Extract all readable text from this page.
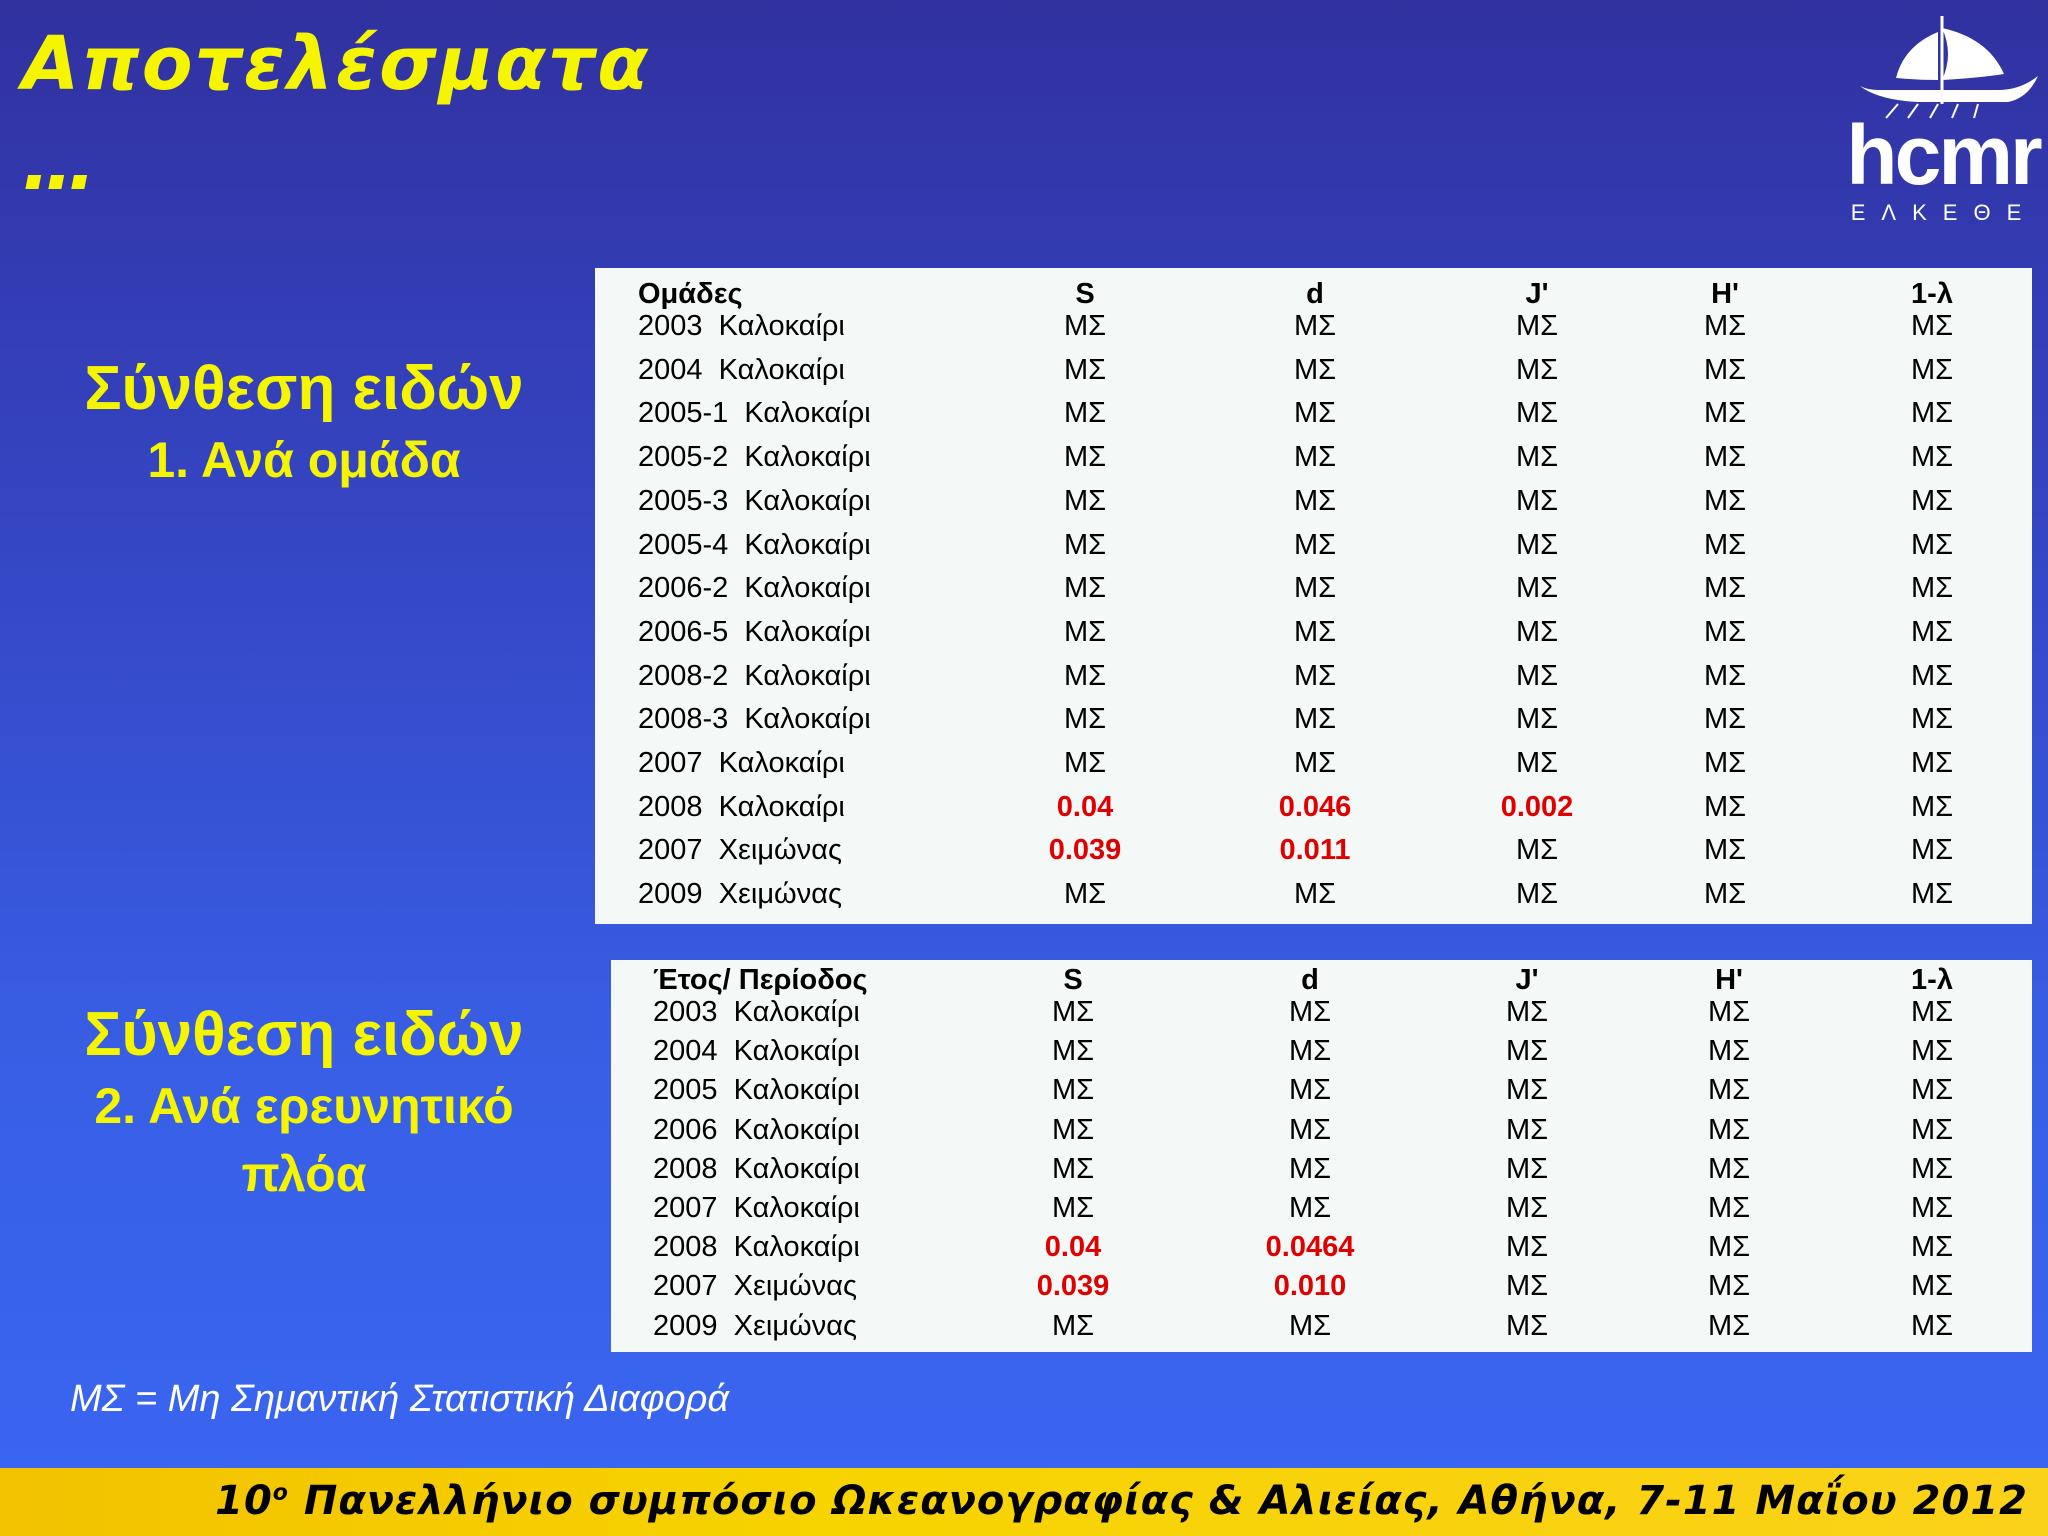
Αποτελέσματα
…	hcmr
ΕΛΚΕΘΕ
Σύνθεση ειδών
1. Ανά ομάδα
Σύνθεση ειδών
2. Ανά ερευνητικό
πλόα
Ομάδες	S	d	J'	H'	1-λ
2003  Καλοκαίρι	ΜΣ	ΜΣ	ΜΣ	ΜΣ	ΜΣ
2004  Καλοκαίρι	ΜΣ	ΜΣ	ΜΣ	ΜΣ	ΜΣ
2005-1  Καλοκαίρι	ΜΣ	ΜΣ	ΜΣ	ΜΣ	ΜΣ
2005-2  Καλοκαίρι	ΜΣ	ΜΣ	ΜΣ	ΜΣ	ΜΣ
2005-3  Καλοκαίρι	ΜΣ	ΜΣ	ΜΣ	ΜΣ	ΜΣ
2005-4  Καλοκαίρι	ΜΣ	ΜΣ	ΜΣ	ΜΣ	ΜΣ
2006-2  Καλοκαίρι	ΜΣ	ΜΣ	ΜΣ	ΜΣ	ΜΣ
2006-5  Καλοκαίρι	ΜΣ	ΜΣ	ΜΣ	ΜΣ	ΜΣ
2008-2  Καλοκαίρι	ΜΣ	ΜΣ	ΜΣ	ΜΣ	ΜΣ
2008-3  Καλοκαίρι	ΜΣ	ΜΣ	ΜΣ	ΜΣ	ΜΣ
2007  Καλοκαίρι	ΜΣ	ΜΣ	ΜΣ	ΜΣ	ΜΣ
2008  Καλοκαίρι	0.04	0.046	0.002	ΜΣ	ΜΣ
2007  Χειμώνας	0.039	0.011	ΜΣ	ΜΣ	ΜΣ
2009  Χειμώνας	ΜΣ	ΜΣ	ΜΣ	ΜΣ	ΜΣ
Έτος/ Περίοδος	S	d	J'	H'	1-λ
2003  Καλοκαίρι	ΜΣ	ΜΣ	ΜΣ	ΜΣ	ΜΣ
2004  Καλοκαίρι	ΜΣ	ΜΣ	ΜΣ	ΜΣ	ΜΣ
2005  Καλοκαίρι	ΜΣ	ΜΣ	ΜΣ	ΜΣ	ΜΣ
2006  Καλοκαίρι	ΜΣ	ΜΣ	ΜΣ	ΜΣ	ΜΣ
2008  Καλοκαίρι	ΜΣ	ΜΣ	ΜΣ	ΜΣ	ΜΣ
2007  Καλοκαίρι	ΜΣ	ΜΣ	ΜΣ	ΜΣ	ΜΣ
2008  Καλοκαίρι	0.04	0.0464	ΜΣ	ΜΣ	ΜΣ
2007  Χειμώνας	0.039	0.010	ΜΣ	ΜΣ	ΜΣ
2009  Χειμώνας	ΜΣ	ΜΣ	ΜΣ	ΜΣ	ΜΣ
ΜΣ = Μη Σημαντική Στατιστική Διαφορά
$10^o$ Πανελλήνιο συμπόσιο Ωκεανογραφίας & Αλιείας, Αθήνα, 7-11 Μαΐου 2012
